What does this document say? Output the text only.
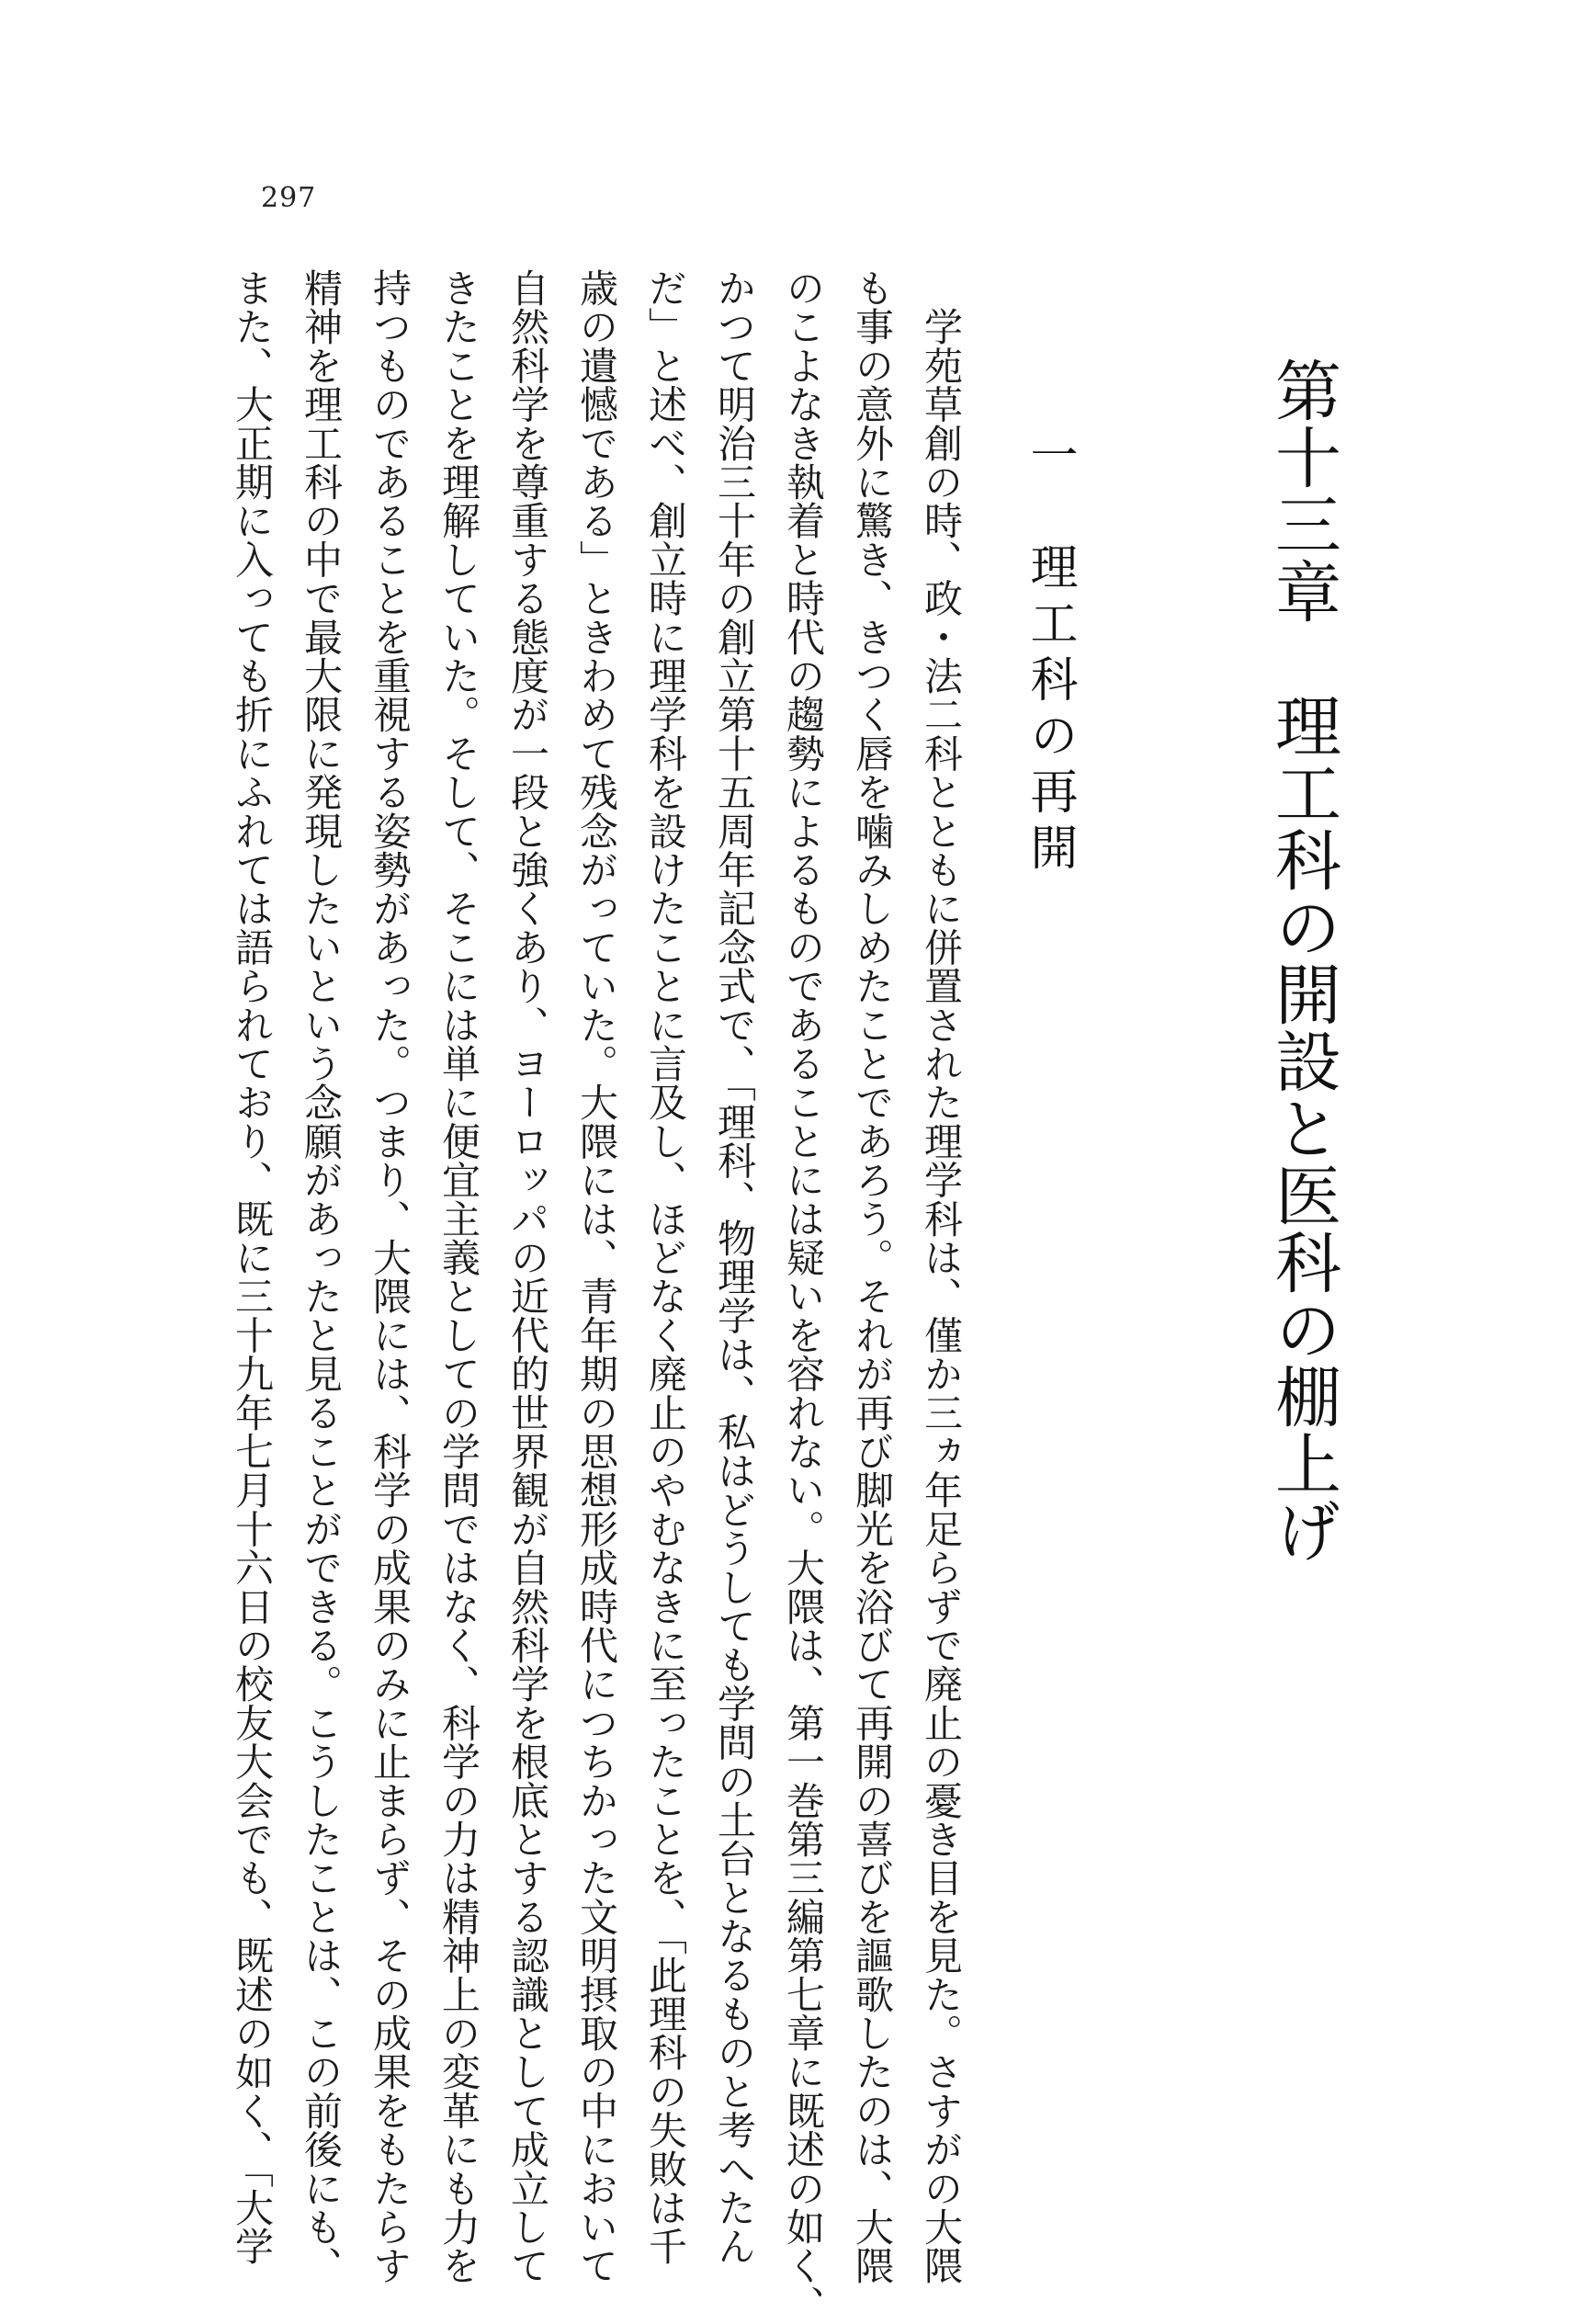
297
第十三章　理工科の開設と医科の棚上げ
一　理工科の再開
　学苑草創の時、政・法二科とともに併置された理学科は、僅か三ヵ年足らずで廃止の憂き目を見た。さすがの大隈
も事の意外に驚き、きつく唇を噛みしめたことであろう。それが再び脚光を浴びて再開の喜びを謳歌したのは、大隈
のこよなき執着と時代の趨勢によるものであることには疑いを容れない。大隈は、第一巻第三編第七章に既述の如く、
かつて明治三十年の創立第十五周年記念式で、「理科、物理学は、私はどうしても学問の土台となるものと考へたん
だ」と述べ、創立時に理学科を設けたことに言及し、ほどなく廃止のやむなきに至ったことを、「此理科の失敗は千
歳の遺憾である」ときわめて残念がっていた。大隈には、青年期の思想形成時代につちかった文明摂取の中において
自然科学を尊重する態度が一段と強くあり、ヨーロッパの近代的世界観が自然科学を根底とする認識として成立して
きたことを理解していた。そして、そこには単に便宜主義としての学問ではなく、科学の力は精神上の変革にも力を
持つものであることを重視する姿勢があった。つまり、大隈には、科学の成果のみに止まらず、その成果をもたらす
精神を理工科の中で最大限に発現したいという念願があったと見ることができる。こうしたことは、この前後にも、
また、大正期に入っても折にふれては語られており、既に三十九年七月十六日の校友大会でも、既述の如く、「大学
